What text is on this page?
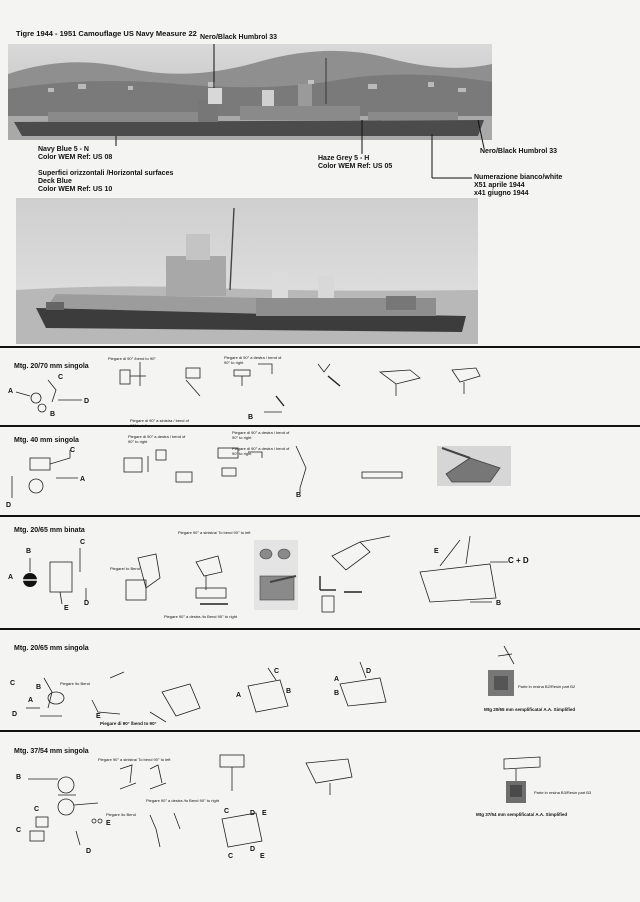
Tigre 1944 - 1951 Camouflage US Navy Measure 22 Nero/Black Humbrol 33
Navy Blue 5 - N
Color WEM Ref: US 08
Superfici orizzontali /Horizontal surfaces
Deck Blue
Color WEM Ref: US 10
Haze Grey 5 - H
Color WEM Ref: US 05
Nero/Black Humbrol 33
Numerazione bianco/white
X51 aprile 1944
x41 giugno 1944
Mtg. 20/70 mm singola
A
B
C
D
B
Piegare di 90° /bend to 90°
Piegare di 90° a sinistra / bend of 90° to left
Piegare di 90° a destra / bend of 90° to right
Mtg. 40 mm singola
C
A
D
B
Piegare di 90° a destra / bend of 90° to right
Piegare di 90° a destra / bend of 90° to right
Piegare di 90° a destra / bend of 90° to right
Mtg. 20/65 mm binata
B
A
C
E
D
C + D
E
B
Piegare 90° a sinistra/ To bend 90° to left
Piegare/ to Bend
Piegare 90° a destra /to Bend 90° to right
Mtg. 20/65 mm singola
C
B
A
D	E
C
B
A
D
A
B
Piegare /to Bend
Piegare di 90° /bend to 90°
Parte in resina B2/Resin part B2
Mtg 20/65 mm semplificata/ A.A. Simplified
Mtg. 37/54 mm singola
B
C
C
E
D
C	D E
C
D
E
Piegare 90° a sinistra/ To bend 90° to left
Piegare 90° a destra /to Bend 90° to right
Piegare /to Bend
Parte in resina B3/Resin part B3
Mtg 37/54 mm semplificata/ A.A. Simplified
